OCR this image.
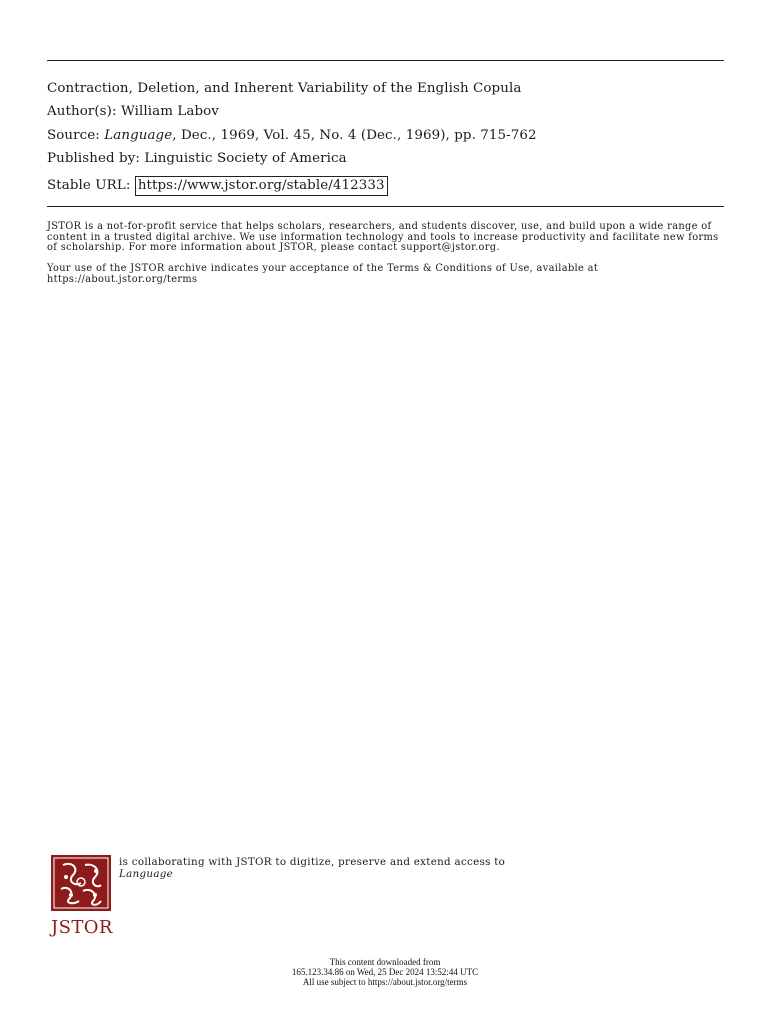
Contraction, Deletion, and Inherent Variability of the English Copula
Author(s): William Labov
Source: Language, Dec., 1969, Vol. 45, No. 4 (Dec., 1969), pp. 715-762
Published by: Linguistic Society of America
Stable URL: https://www.jstor.org/stable/412333

JSTOR is a not-for-profit service that helps scholars, researchers, and students discover, use, and build upon a wide range of content in a trusted digital archive. We use information technology and tools to increase productivity and facilitate new forms of scholarship. For more information about JSTOR, please contact support@jstor.org.

Your use of the JSTOR archive indicates your acceptance of the Terms & Conditions of Use, available at https://about.jstor.org/terms

JSTOR
is collaborating with JSTOR to digitize, preserve and extend access to
Language
This content downloaded from
165.123.34.86 on Wed, 25 Dec 2024 13:52:44 UTC
All use subject to https://about.jstor.org/terms
